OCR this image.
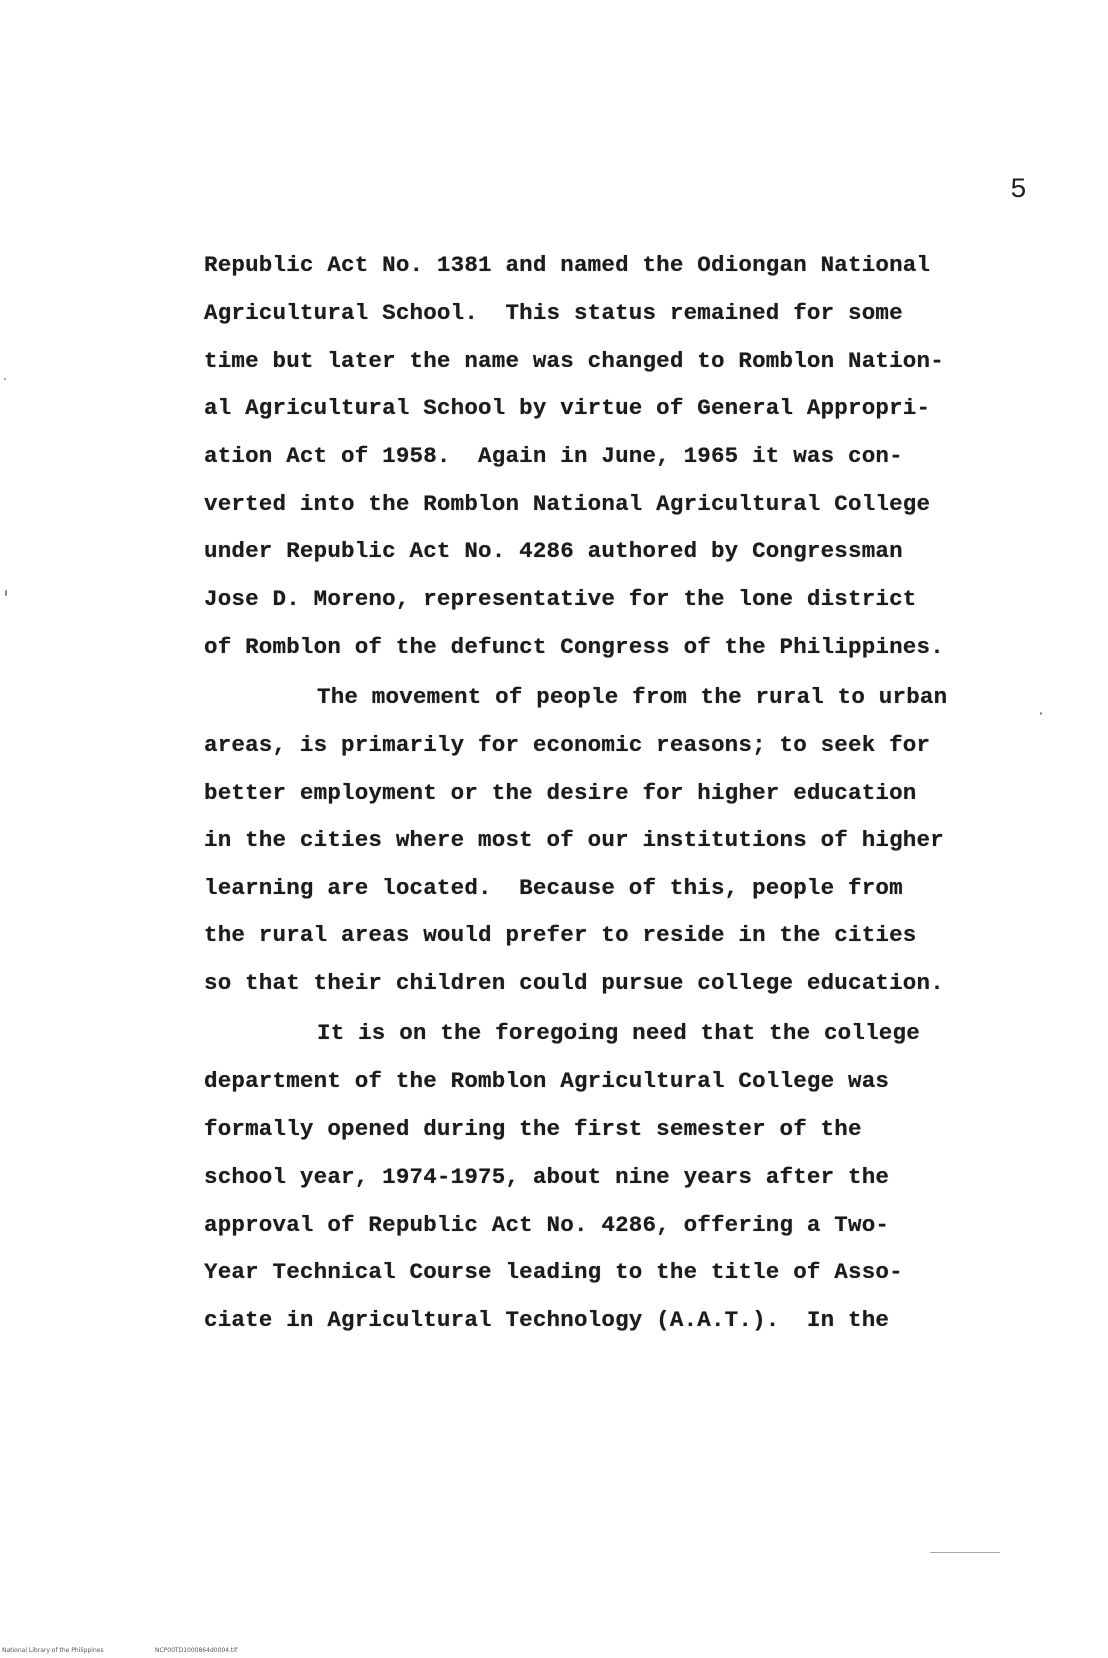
5
Republic Act No. 1381 and named the Odiongan National
Agricultural School.  This status remained for some
time but later the name was changed to Romblon Nation-
al Agricultural School by virtue of General Appropri-
ation Act of 1958.  Again in June, 1965 it was con-
verted into the Romblon National Agricultural College
under Republic Act No. 4286 authored by Congressman
Jose D. Moreno, representative for the lone district
of Romblon of the defunct Congress of the Philippines.
The movement of people from the rural to urban
areas, is primarily for economic reasons; to seek for
better employment or the desire for higher education
in the cities where most of our institutions of higher
learning are located.  Because of this, people from
the rural areas would prefer to reside in the cities
so that their children could pursue college education.
It is on the foregoing need that the college
department of the Romblon Agricultural College was
formally opened during the first semester of the
school year, 1974-1975, about nine years after the
approval of Republic Act No. 4286, offering a Two-
Year Technical Course leading to the title of Asso-
ciate in Agricultural Technology (A.A.T.).  In the
National Library of the Philippines	NCP00TD1000864d0004.tif
